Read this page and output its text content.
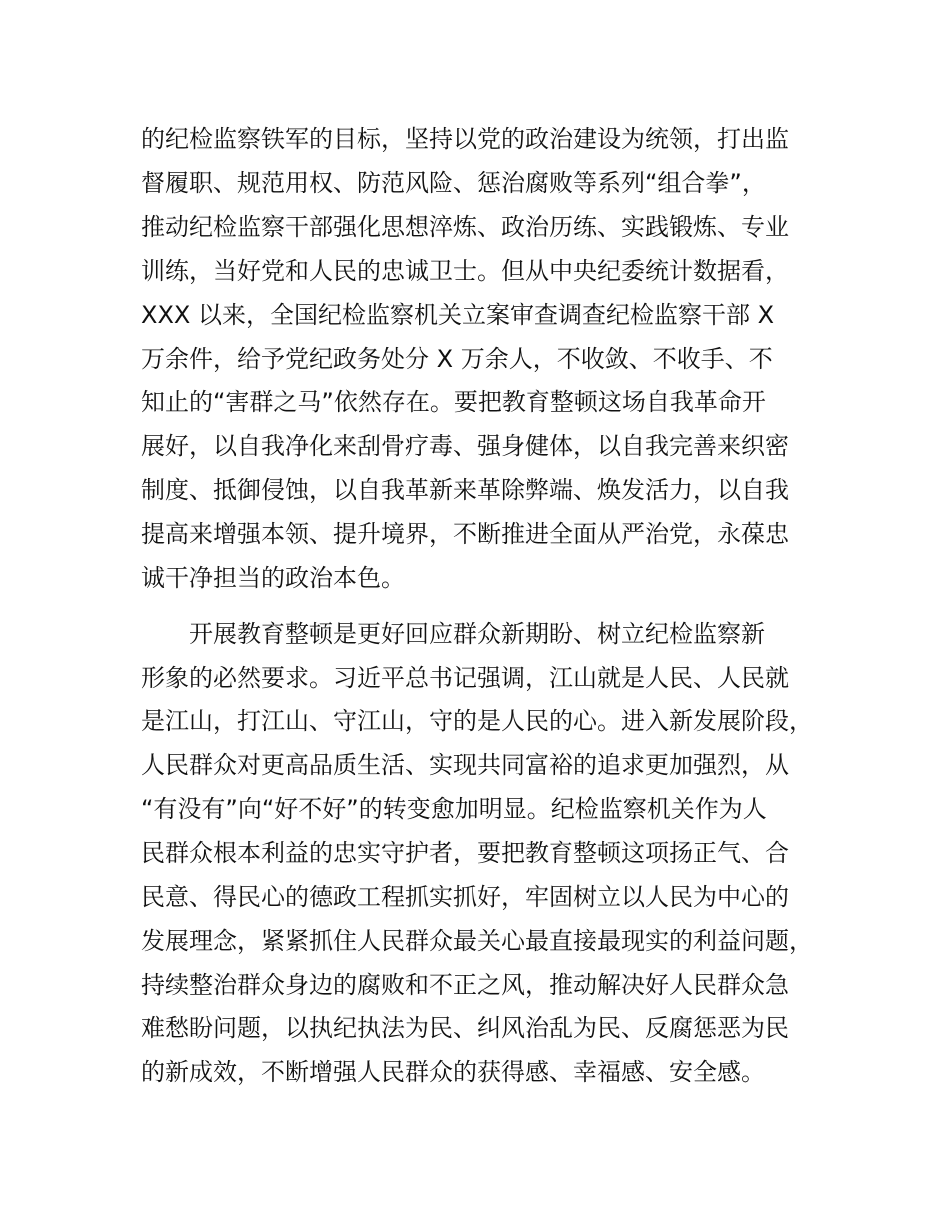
的纪检监察铁军的目标，坚持以党的政治建设为统领，打出监
督履职、规范用权、防范风险、惩治腐败等系列“组合拳”，
推动纪检监察干部强化思想淬炼、政治历练、实践锻炼、专业
训练，当好党和人民的忠诚卫士。但从中央纪委统计数据看，
XXX 以来，全国纪检监察机关立案审查调查纪检监察干部 X
万余件，给予党纪政务处分 X 万余人，不收敛、不收手、不
知止的“害群之马”依然存在。要把教育整顿这场自我革命开
展好，以自我净化来刮骨疗毒、强身健体，以自我完善来织密
制度、抵御侵蚀，以自我革新来革除弊端、焕发活力，以自我
提高来增强本领、提升境界，不断推进全面从严治党，永葆忠
诚干净担当的政治本色。
开展教育整顿是更好回应群众新期盼、树立纪检监察新
形象的必然要求。习近平总书记强调，江山就是人民、人民就
是江山，打江山、守江山，守的是人民的心。进入新发展阶段，
人民群众对更高品质生活、实现共同富裕的追求更加强烈，从
“有没有”向“好不好”的转变愈加明显。纪检监察机关作为人
民群众根本利益的忠实守护者，要把教育整顿这项扬正气、合
民意、得民心的德政工程抓实抓好，牢固树立以人民为中心的
发展理念，紧紧抓住人民群众最关心最直接最现实的利益问题，
持续整治群众身边的腐败和不正之风，推动解决好人民群众急
难愁盼问题，以执纪执法为民、纠风治乱为民、反腐惩恶为民
的新成效，不断增强人民群众的获得感、幸福感、安全感。
